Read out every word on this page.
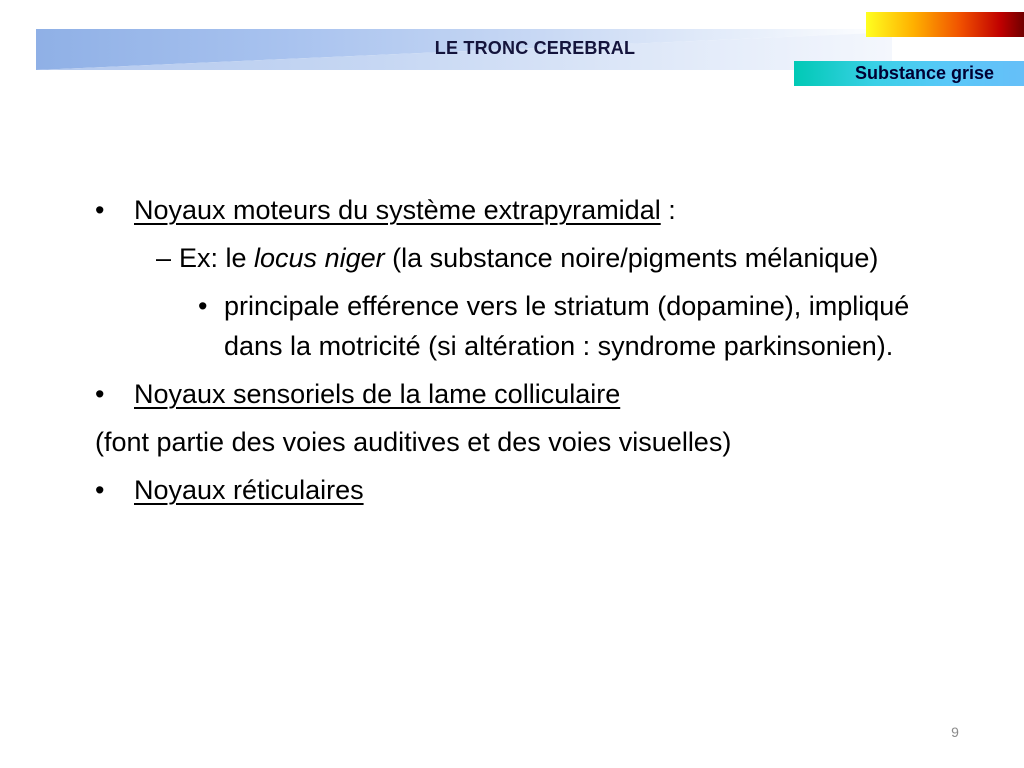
LE TRONC CEREBRAL
Substance grise
• Noyaux moteurs du système extrapyramidal :
– Ex: le locus niger (la substance noire/pigments mélanique)
• principale efférence vers le striatum (dopamine), impliqué dans la motricité (si altération : syndrome parkinsonien).
• Noyaux sensoriels de la lame colliculaire
(font partie des voies auditives et des voies visuelles)
• Noyaux réticulaires
9
